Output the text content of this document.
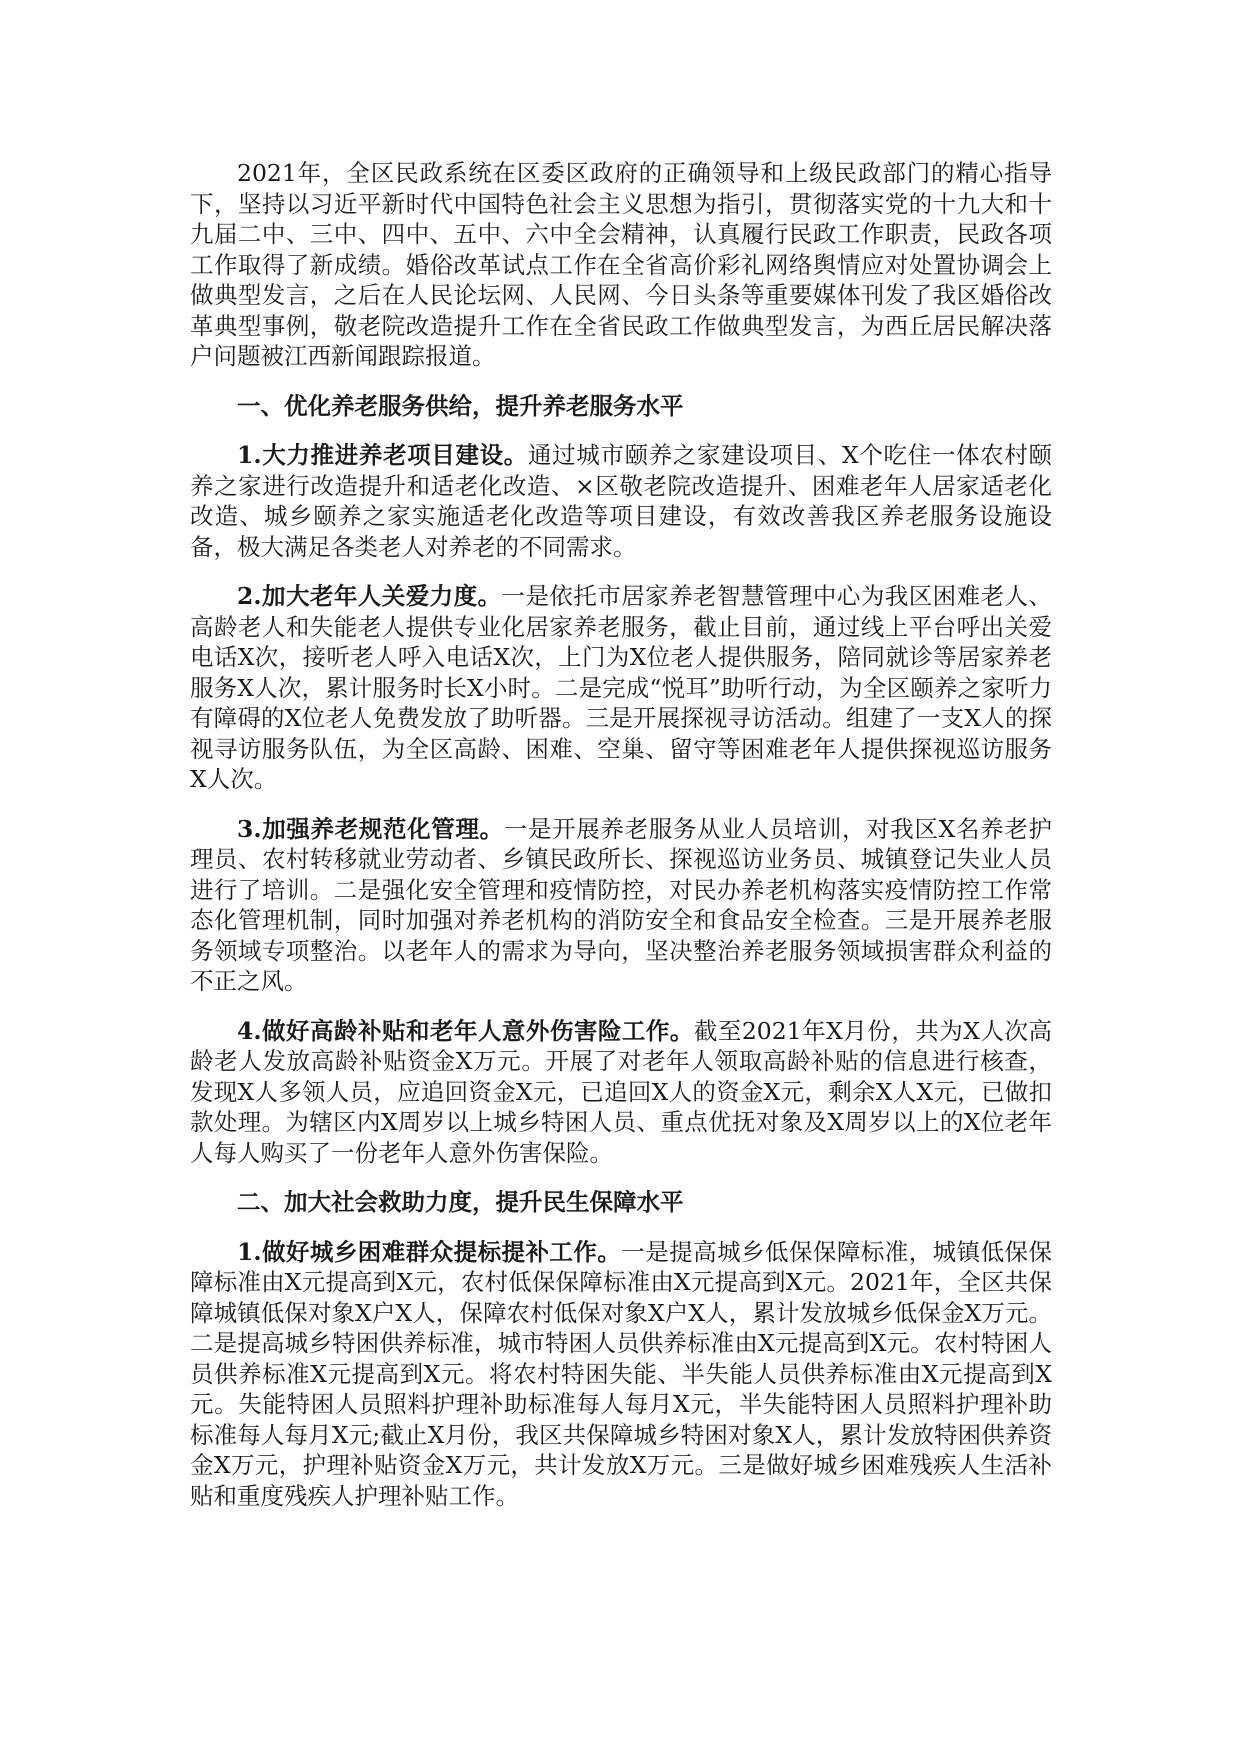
2021年，全区民政系统在区委区政府的正确领导和上级民政部门的精心指导下，坚持以习近平新时代中国特色社会主义思想为指引，贯彻落实党的十九大和十九届二中、三中、四中、五中、六中全会精神，认真履行民政工作职责，民政各项工作取得了新成绩。婚俗改革试点工作在全省高价彩礼网络舆情应对处置协调会上做典型发言，之后在人民论坛网、人民网、今日头条等重要媒体刊发了我区婚俗改革典型事例，敬老院改造提升工作在全省民政工作做典型发言，为西丘居民解决落户问题被江西新闻跟踪报道。

一、优化养老服务供给，提升养老服务水平

1.大力推进养老项目建设。通过城市颐养之家建设项目、X个吃住一体农村颐养之家进行改造提升和适老化改造、×区敬老院改造提升、困难老年人居家适老化改造、城乡颐养之家实施适老化改造等项目建设，有效改善我区养老服务设施设备，极大满足各类老人对养老的不同需求。

2.加大老年人关爱力度。一是依托市居家养老智慧管理中心为我区困难老人、高龄老人和失能老人提供专业化居家养老服务，截止目前，通过线上平台呼出关爱电话X次，接听老人呼入电话X次，上门为X位老人提供服务，陪同就诊等居家养老服务X人次，累计服务时长X小时。二是完成“悦耳”助听行动，为全区颐养之家听力有障碍的X位老人免费发放了助听器。三是开展探视寻访活动。组建了一支X人的探视寻访服务队伍，为全区高龄、困难、空巢、留守等困难老年人提供探视巡访服务X人次。

3.加强养老规范化管理。一是开展养老服务从业人员培训，对我区X名养老护理员、农村转移就业劳动者、乡镇民政所长、探视巡访业务员、城镇登记失业人员进行了培训。二是强化安全管理和疫情防控，对民办养老机构落实疫情防控工作常态化管理机制，同时加强对养老机构的消防安全和食品安全检查。三是开展养老服务领域专项整治。以老年人的需求为导向，坚决整治养老服务领域损害群众利益的不正之风。

4.做好高龄补贴和老年人意外伤害险工作。截至2021年X月份，共为X人次高龄老人发放高龄补贴资金X万元。开展了对老年人领取高龄补贴的信息进行核查，发现X人多领人员，应追回资金X元，已追回X人的资金X元，剩余X人X元，已做扣款处理。为辖区内X周岁以上城乡特困人员、重点优抚对象及X周岁以上的X位老年人每人购买了一份老年人意外伤害保险。

二、加大社会救助力度，提升民生保障水平

1.做好城乡困难群众提标提补工作。一是提高城乡低保保障标准，城镇低保保障标准由X元提高到X元，农村低保保障标准由X元提高到X元。2021年，全区共保障城镇低保对象X户X人，保障农村低保对象X户X人，累计发放城乡低保金X万元。二是提高城乡特困供养标准，城市特困人员供养标准由X元提高到X元。农村特困人员供养标准X元提高到X元。将农村特困失能、半失能人员供养标准由X元提高到X元。失能特困人员照料护理补助标准每人每月X元，半失能特困人员照料护理补助标准每人每月X元;截止X月份，我区共保障城乡特困对象X人，累计发放特困供养资金X万元，护理补贴资金X万元，共计发放X万元。三是做好城乡困难残疾人生活补贴和重度残疾人护理补贴工作。
